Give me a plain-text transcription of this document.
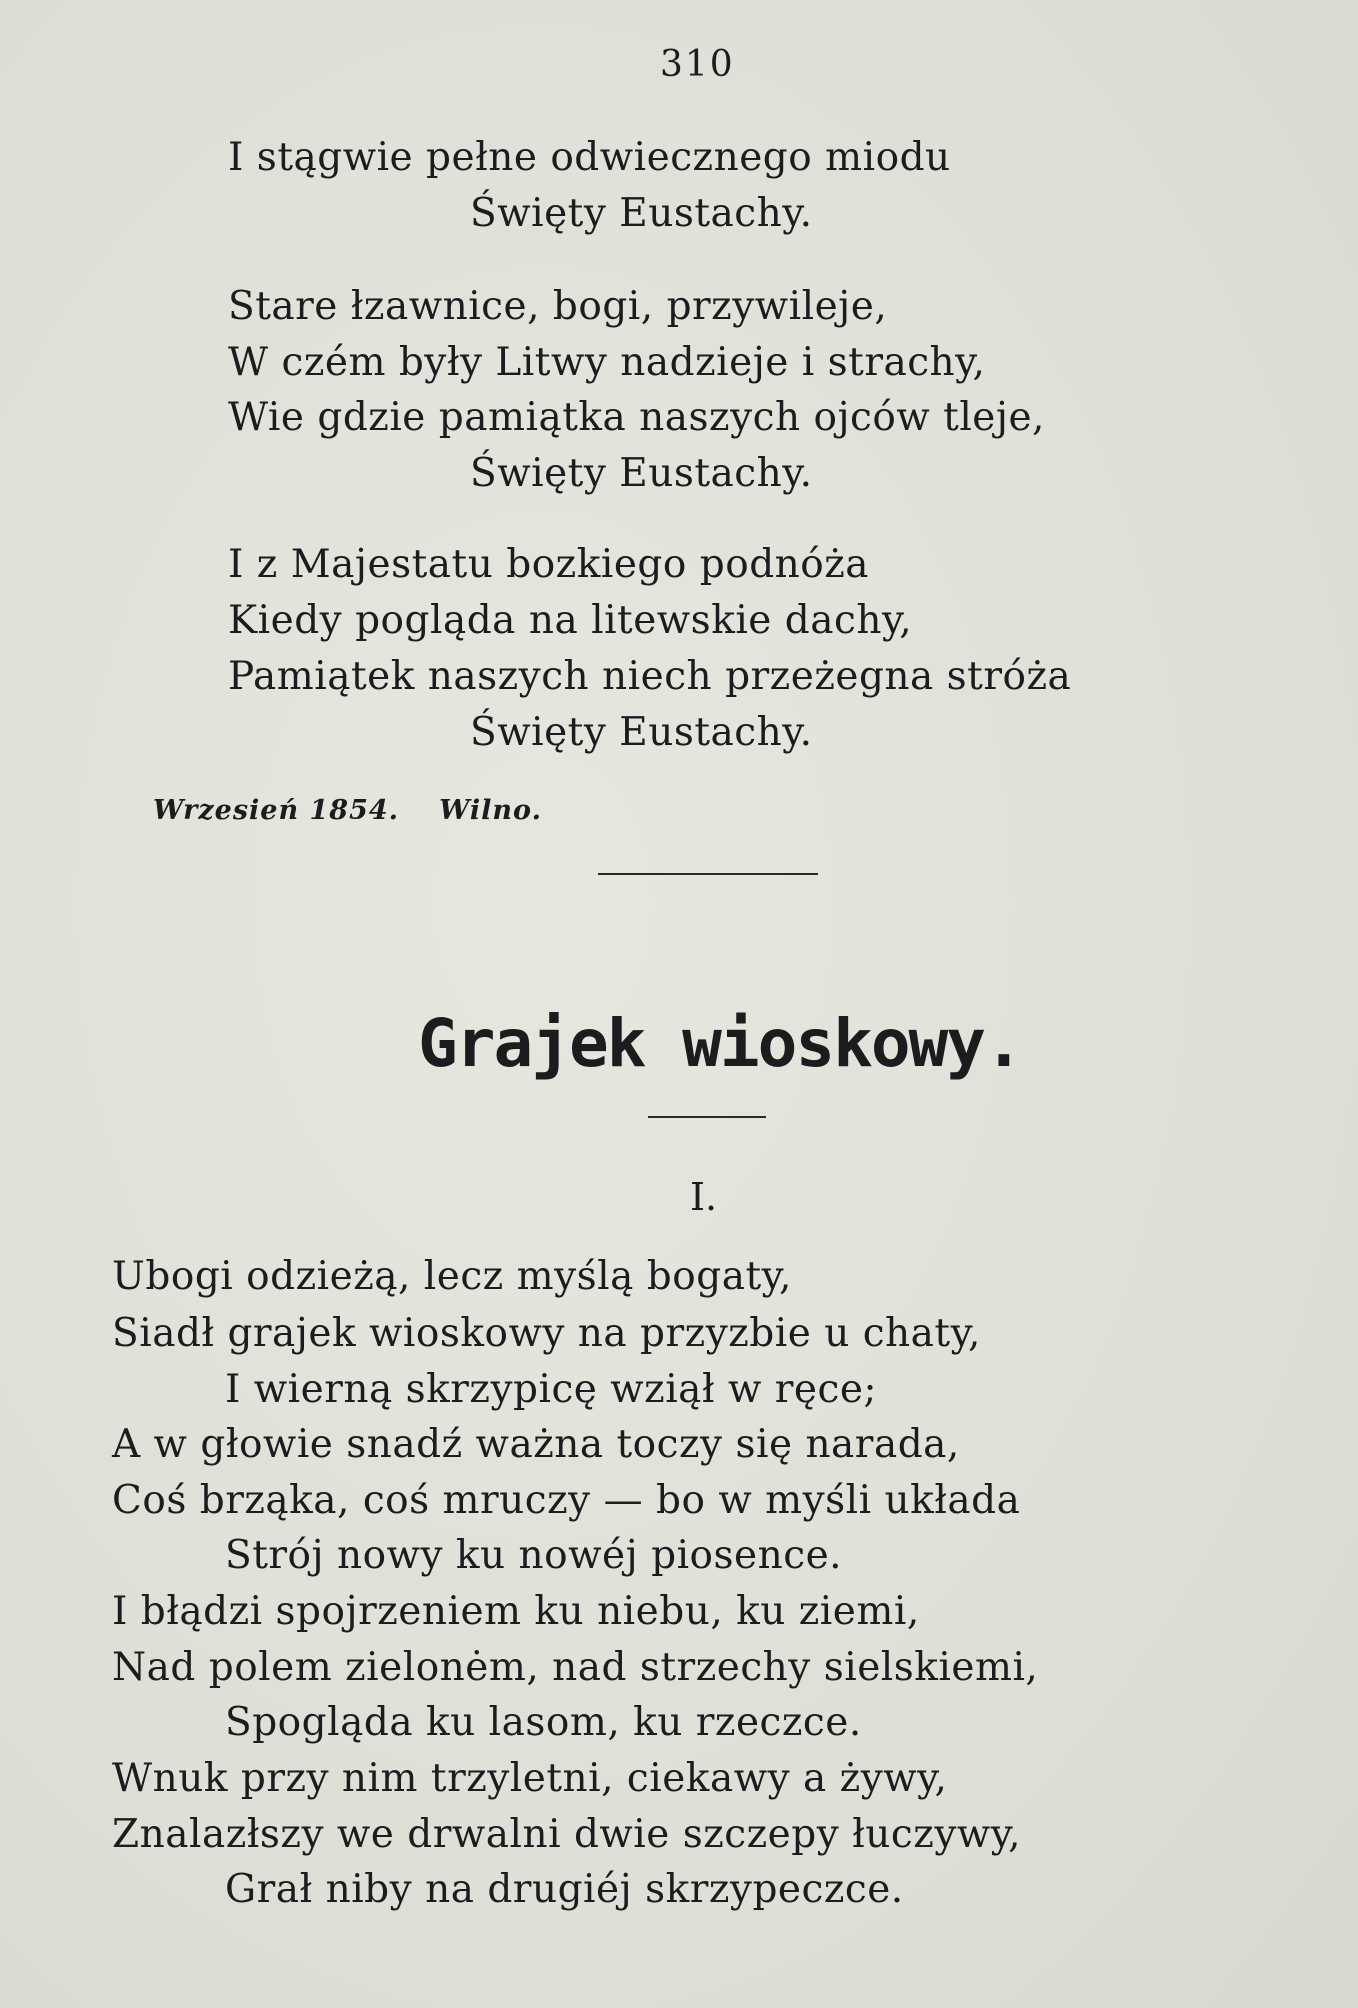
310
I stągwie pełne odwiecznego miodu
Święty Eustachy.
Stare łzawnice, bogi, przywileje,
W czém były Litwy nadzieje i strachy,
Wie gdzie pamiątka naszych ojców tleje,
Święty Eustachy.
I z Majestatu bozkiego podnóża
Kiedy pogląda na litewskie dachy,
Pamiątek naszych niech przeżegna stróża
Święty Eustachy.
Wrzesień 1854. Wilno.
Grajek wioskowy.
I.
Ubogi odzieżą, lecz myślą bogaty,
Siadł grajek wioskowy na przyzbie u chaty,
I wierną skrzypicę wziął w ręce;
A w głowie snadź ważna toczy się narada,
Coś brząka, coś mruczy — bo w myśli układa
Strój nowy ku nowéj piosence.
I błądzi spojrzeniem ku niebu, ku ziemi,
Nad polem zielonėm, nad strzechy sielskiemi,
Spogląda ku lasom, ku rzeczce.
Wnuk przy nim trzyletni, ciekawy a żywy,
Znalazłszy we drwalni dwie szczepy łuczywy,
Grał niby na drugiéj skrzypeczce.
